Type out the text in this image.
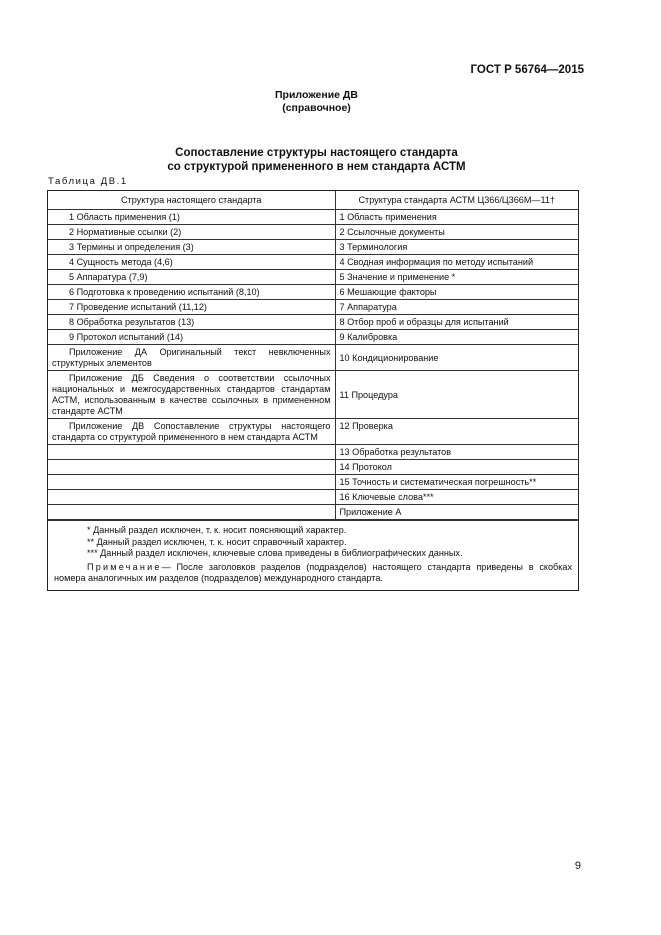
ГОСТ Р 56764—2015
Приложение ДВ
(справочное)
Сопоставление структуры настоящего стандарта
со структурой примененного в нем стандарта АСТМ
Таблица ДВ.1
Структура настоящего стандарта	Структура стандарта АСТМ Ц366/Ц366М—11†
1 Область применения (1)	1 Область применения
2 Нормативные ссылки (2)	2 Ссылочные документы
3 Термины и определения (3)	3 Терминология
4 Сущность метода (4,6)	4 Сводная информация по методу испытаний
5 Аппаратура (7,9)	5 Значение и применение *
6 Подготовка к проведению испытаний (8,10)	6 Мешающие факторы
7 Проведение испытаний (11,12)	7 Аппаратура
8 Обработка результатов (13)	8 Отбор проб и образцы для испытаний
9 Протокол испытаний (14)	9 Калибровка

Приложение ДА Оригинальный текст невключенных структурных элементов	10 Кондиционирование

Приложение ДБ Сведения о соответствии ссылочных национальных и межгосударственных стандартов стандартам АСТМ, использованным в качестве ссылочных в примененном стандарте АСТМ	11 Процедура

Приложение ДВ Сопоставление структуры настоящего стандарта со структурой примененного в нем стандарта АСТМ	12 Проверка
	13 Обработка результатов
	14 Протокол
	15 Точность и систематическая погрешность**
	16 Ключевые слова***
	Приложение А
* Данный раздел исключен, т. к. носит поясняющий характер.
** Данный раздел исключен, т. к. носит справочный характер.
*** Данный раздел исключен, ключевые слова приведены в библиографических данных.
Примечание— После заголовков разделов (подразделов) настоящего стандарта приведены в скобках номера аналогичных им разделов (подразделов) международного стандарта.
9
